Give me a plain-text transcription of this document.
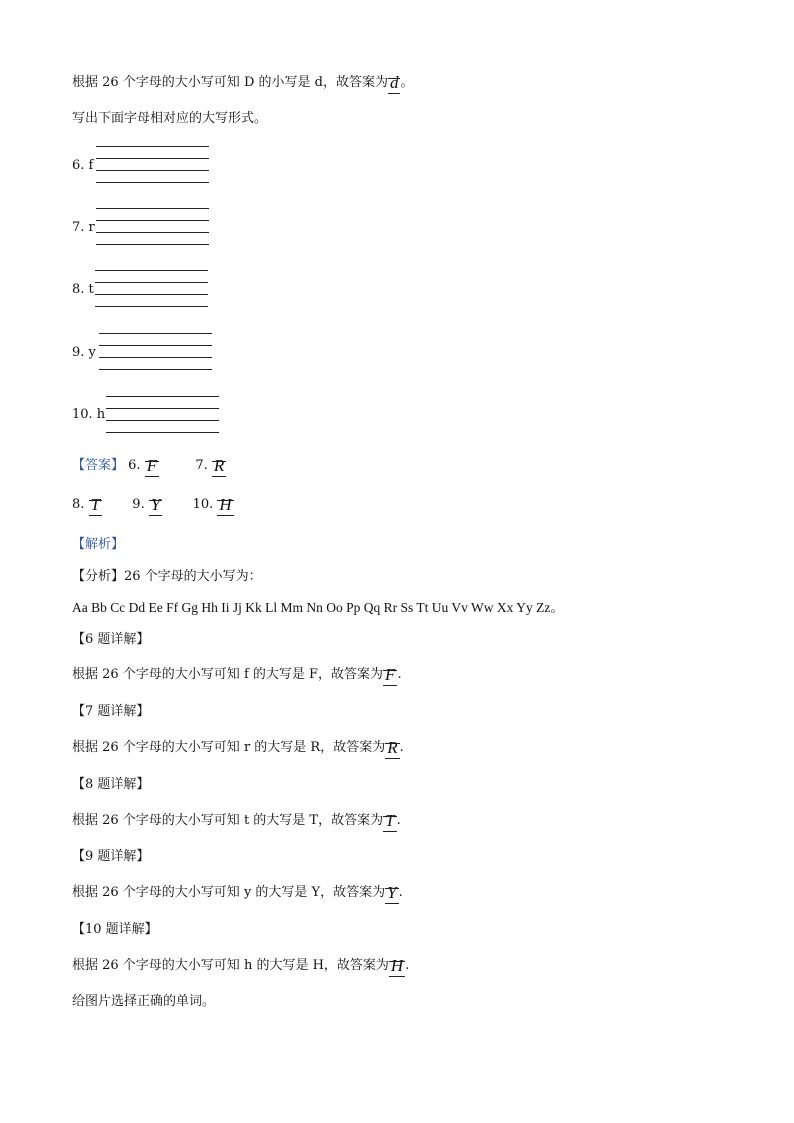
根据 26 个字母的大小写可知 D 的小写是 d，故答案为 d 。
写出下面字母相对应的大写形式。
6. f
7. r
8. t
9. y
10. h
【答案】 6. F	7. R
8. T 9. Y 10. H
【解析】
【分析】26 个字母的大小写为：
Aa Bb Cc Dd Ee Ff Gg Hh Ii Jj Kk Ll Mm Nn Oo Pp Qq Rr Ss Tt Uu Vv Ww Xx Yy Zz。
【6 题详解】
根据 26 个字母的大小写可知 f 的大写是 F，故答案为 F .
【7 题详解】
根据 26 个字母的大小写可知 r 的大写是 R，故答案为 R .
【8 题详解】
根据 26 个字母的大小写可知 t 的大写是 T，故答案为 T .
【9 题详解】
根据 26 个字母的大小写可知 y 的大写是 Y，故答案为 Y .
【10 题详解】
根据 26 个字母的大小写可知 h 的大写是 H，故答案为 H .
给图片选择正确的单词。
